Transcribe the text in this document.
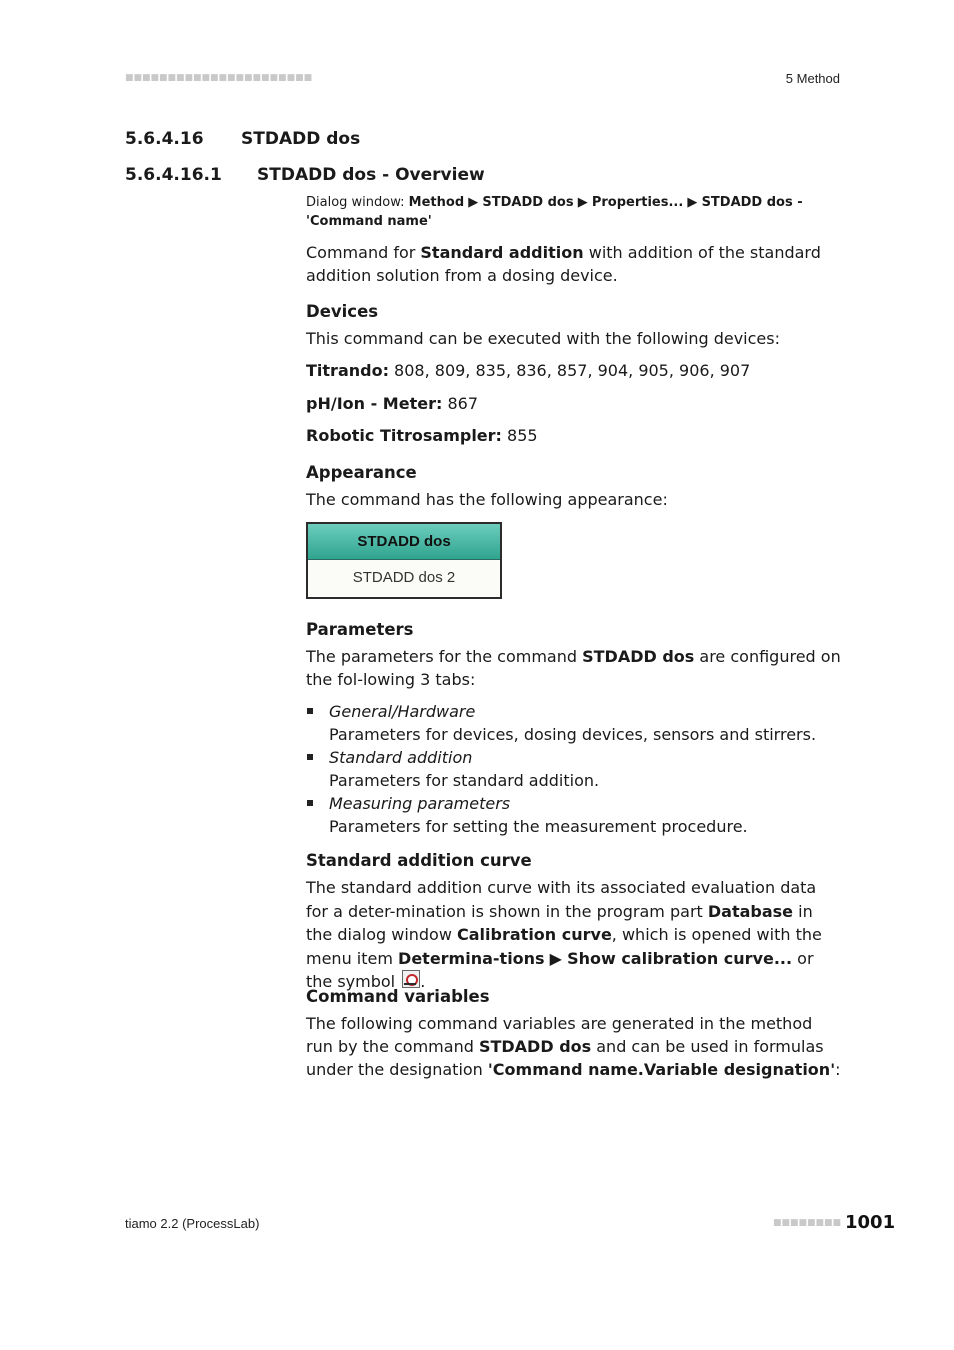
■■■■■■■■■■■■■■■■■■■■■■	5 Method
5.6.4.16 STDADD dos
5.6.4.16.1 STDADD dos - Overview
Dialog window: Method ▶ STDADD dos ▶ Properties... ▶ STDADD dos - 'Command name'
Command for Standard addition with addition of the standard addition solution from a dosing device.
Devices
This command can be executed with the following devices:
Titrando: 808, 809, 835, 836, 857, 904, 905, 906, 907
pH/Ion - Meter: 867
Robotic Titrosampler: 855
Appearance
The command has the following appearance:
STDADD dos
STDADD dos 2
Parameters
The parameters for the command STDADD dos are configured on the fol-lowing 3 tabs:
General/Hardware
Parameters for devices, dosing devices, sensors and stirrers.
Standard addition
Parameters for standard addition.
Measuring parameters
Parameters for setting the measurement procedure.
Standard addition curve
The standard addition curve with its associated evaluation data for a deter-mination is shown in the program part Database in the dialog window Calibration curve, which is opened with the menu item Determina-tions ▶ Show calibration curve... or the symbol .
Command variables
The following command variables are generated in the method run by the command STDADD dos and can be used in formulas under the designation 'Command name.Variable designation':
tiamo 2.2 (ProcessLab)	■■■■■■■■ 1001
